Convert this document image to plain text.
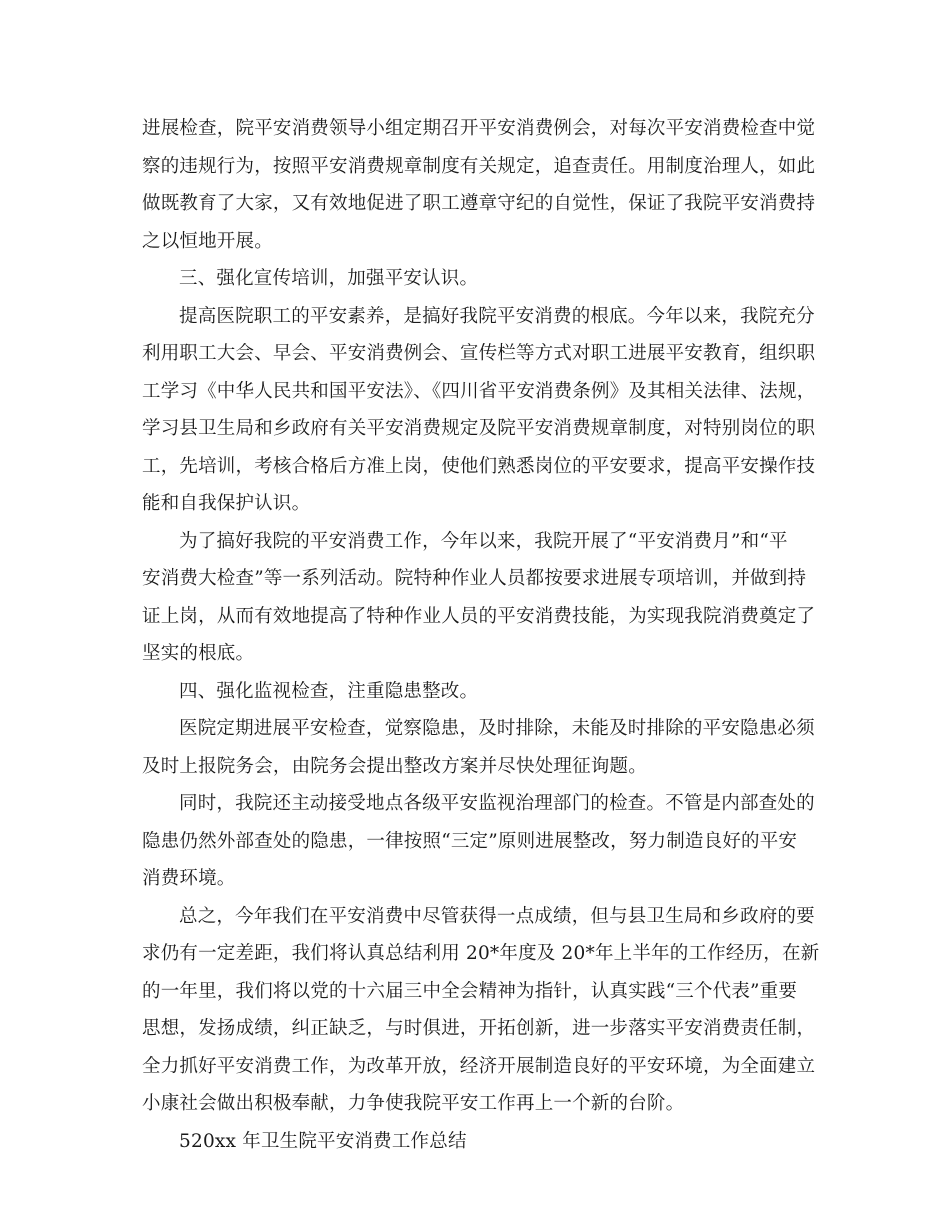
进展检查，院平安消费领导小组定期召开平安消费例会，对每次平安消费检查中觉
察的违规行为，按照平安消费规章制度有关规定，追查责任。用制度治理人，如此
做既教育了大家，又有效地促进了职工遵章守纪的自觉性，保证了我院平安消费持
之以恒地开展。

三、强化宣传培训，加强平安认识。

提高医院职工的平安素养，是搞好我院平安消费的根底。今年以来，我院充分
利用职工大会、早会、平安消费例会、宣传栏等方式对职工进展平安教育，组织职
工学习《中华人民共和国平安法》、《四川省平安消费条例》及其相关法律、法规，
学习县卫生局和乡政府有关平安消费规定及院平安消费规章制度，对特别岗位的职
工，先培训，考核合格后方准上岗，使他们熟悉岗位的平安要求，提高平安操作技
能和自我保护认识。

为了搞好我院的平安消费工作，今年以来，我院开展了“平安消费月”和“平
安消费大检查”等一系列活动。院特种作业人员都按要求进展专项培训，并做到持
证上岗，从而有效地提高了特种作业人员的平安消费技能，为实现我院消费奠定了
坚实的根底。

四、强化监视检查，注重隐患整改。

医院定期进展平安检查，觉察隐患，及时排除，未能及时排除的平安隐患必须
及时上报院务会，由院务会提出整改方案并尽快处理征询题。

同时，我院还主动接受地点各级平安监视治理部门的检查。不管是内部查处的
隐患仍然外部查处的隐患，一律按照“三定”原则进展整改，努力制造良好的平安
消费环境。

总之，今年我们在平安消费中尽管获得一点成绩，但与县卫生局和乡政府的要
求仍有一定差距，我们将认真总结利用 20*年度及 20*年上半年的工作经历，在新
的一年里，我们将以党的十六届三中全会精神为指针，认真实践“三个代表”重要
思想，发扬成绩，纠正缺乏，与时俱进，开拓创新，进一步落实平安消费责任制，
全力抓好平安消费工作，为改革开放，经济开展制造良好的平安环境，为全面建立
小康社会做出积极奉献，力争使我院平安工作再上一个新的台阶。

520xx 年卫生院平安消费工作总结
